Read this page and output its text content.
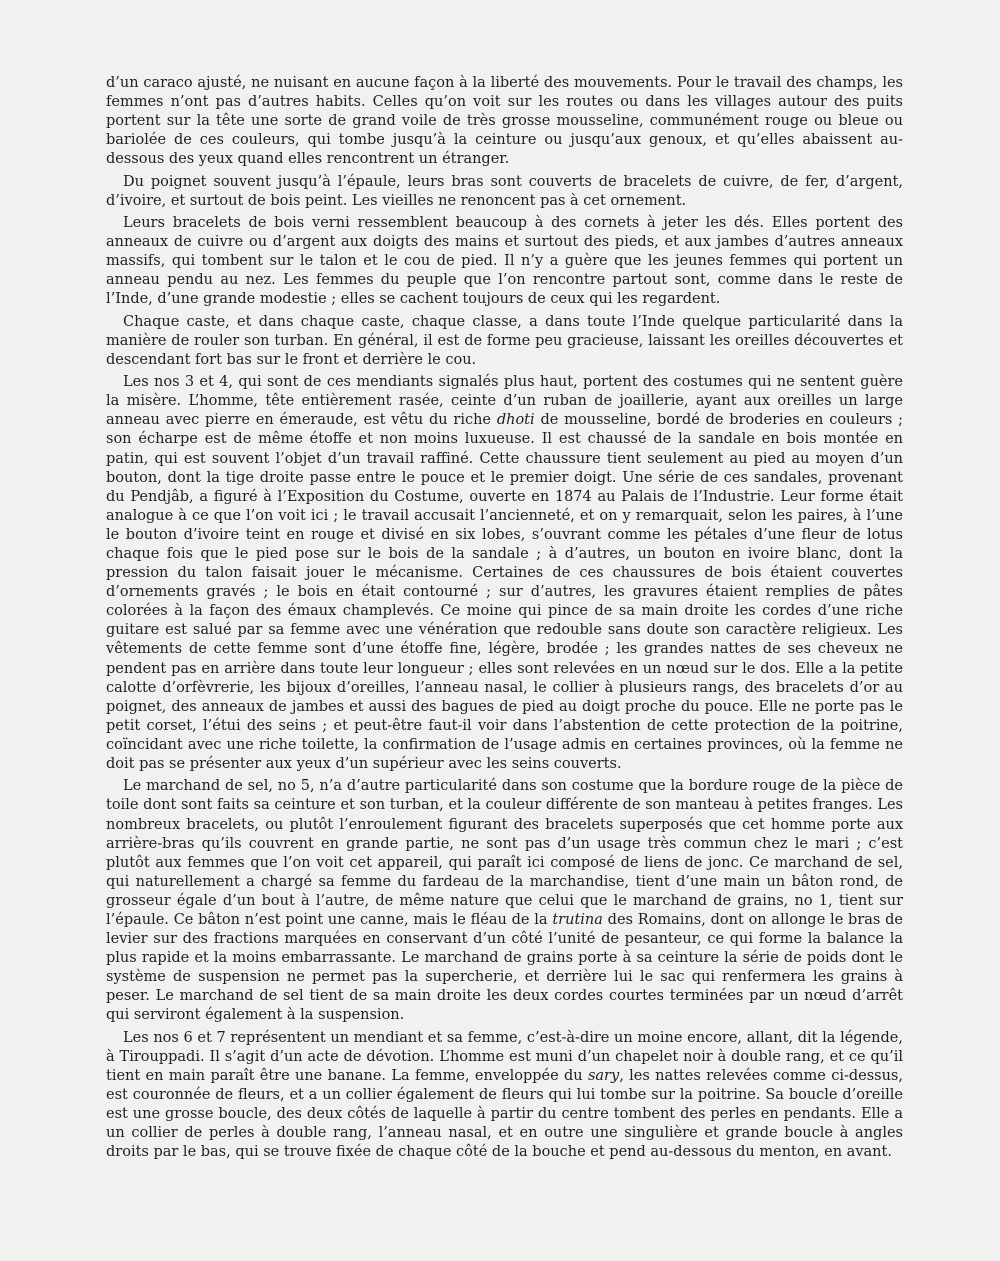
d’un caraco ajusté, ne nuisant en aucune façon à la liberté des mouvements. Pour le travail des champs, les femmes n’ont pas d’autres habits. Celles qu’on voit sur les routes ou dans les villages autour des puits portent sur la tête une sorte de grand voile de très grosse mousseline, communément rouge ou bleue ou bariolée de ces couleurs, qui tombe jusqu’à la ceinture ou jusqu’aux genoux, et qu’elles abaissent au-dessous des yeux quand elles rencontrent un étranger.

Du poignet souvent jusqu’à l’épaule, leurs bras sont couverts de bracelets de cuivre, de fer, d’argent, d’ivoire, et surtout de bois peint. Les vieilles ne renoncent pas à cet ornement.

Leurs bracelets de bois verni ressemblent beaucoup à des cornets à jeter les dés. Elles portent des anneaux de cuivre ou d’argent aux doigts des mains et surtout des pieds, et aux jambes d’autres anneaux massifs, qui tombent sur le talon et le cou de pied. Il n’y a guère que les jeunes femmes qui portent un anneau pendu au nez. Les femmes du peuple que l’on rencontre partout sont, comme dans le reste de l’Inde, d’une grande modestie ; elles se cachent toujours de ceux qui les regardent.

Chaque caste, et dans chaque caste, chaque classe, a dans toute l’Inde quelque particularité dans la manière de rouler son turban. En général, il est de forme peu gracieuse, laissant les oreilles découvertes et descendant fort bas sur le front et derrière le cou.

Les nos 3 et 4, qui sont de ces mendiants signalés plus haut, portent des costumes qui ne sentent guère la misère. L’homme, tête entièrement rasée, ceinte d’un ruban de joaillerie, ayant aux oreilles un large anneau avec pierre en émeraude, est vêtu du riche dhoti de mousseline, bordé de broderies en couleurs ; son écharpe est de même étoffe et non moins luxueuse. Il est chaussé de la sandale en bois montée en patin, qui est souvent l’objet d’un travail raffiné. Cette chaussure tient seulement au pied au moyen d’un bouton, dont la tige droite passe entre le pouce et le premier doigt. Une série de ces sandales, provenant du Pendjâb, a figuré à l’Exposition du Costume, ouverte en 1874 au Palais de l’Industrie. Leur forme était analogue à ce que l’on voit ici ; le travail accusait l’ancienneté, et on y remarquait, selon les paires, à l’une le bouton d’ivoire teint en rouge et divisé en six lobes, s’ouvrant comme les pétales d’une fleur de lotus chaque fois que le pied pose sur le bois de la sandale ; à d’autres, un bouton en ivoire blanc, dont la pression du talon faisait jouer le mécanisme. Certaines de ces chaussures de bois étaient couvertes d’ornements gravés ; le bois en était contourné ; sur d’autres, les gravures étaient remplies de pâtes colorées à la façon des émaux champlevés. Ce moine qui pince de sa main droite les cordes d’une riche guitare est salué par sa femme avec une vénération que redouble sans doute son caractère religieux. Les vêtements de cette femme sont d’une étoffe fine, légère, brodée ; les grandes nattes de ses cheveux ne pendent pas en arrière dans toute leur longueur ; elles sont relevées en un nœud sur le dos. Elle a la petite calotte d’orfèvrerie, les bijoux d’oreilles, l’anneau nasal, le collier à plusieurs rangs, des bracelets d’or au poignet, des anneaux de jambes et aussi des bagues de pied au doigt proche du pouce. Elle ne porte pas le petit corset, l’étui des seins ; et peut-être faut-il voir dans l’abstention de cette protection de la poitrine, coïncidant avec une riche toilette, la confirmation de l’usage admis en certaines provinces, où la femme ne doit pas se présenter aux yeux d’un supérieur avec les seins couverts.

Le marchand de sel, no 5, n’a d’autre particularité dans son costume que la bordure rouge de la pièce de toile dont sont faits sa ceinture et son turban, et la couleur différente de son manteau à petites franges. Les nombreux bracelets, ou plutôt l’enroulement figurant des bracelets superposés que cet homme porte aux arrière-bras qu’ils couvrent en grande partie, ne sont pas d’un usage très commun chez le mari ; c’est plutôt aux femmes que l’on voit cet appareil, qui paraît ici composé de liens de jonc. Ce marchand de sel, qui naturellement a chargé sa femme du fardeau de la marchandise, tient d’une main un bâton rond, de grosseur égale d’un bout à l’autre, de même nature que celui que le marchand de grains, no 1, tient sur l’épaule. Ce bâton n’est point une canne, mais le fléau de la trutina des Romains, dont on allonge le bras de levier sur des fractions marquées en conservant d’un côté l’unité de pesanteur, ce qui forme la balance la plus rapide et la moins embarrassante. Le marchand de grains porte à sa ceinture la série de poids dont le système de suspension ne permet pas la supercherie, et derrière lui le sac qui renfermera les grains à peser. Le marchand de sel tient de sa main droite les deux cordes courtes terminées par un nœud d’arrêt qui serviront également à la suspension.

Les nos 6 et 7 représentent un mendiant et sa femme, c’est-à-dire un moine encore, allant, dit la légende, à Tirouppadi. Il s’agit d’un acte de dévotion. L’homme est muni d’un chapelet noir à double rang, et ce qu’il tient en main paraît être une banane. La femme, enveloppée du sary, les nattes relevées comme ci-dessus, est couronnée de fleurs, et a un collier également de fleurs qui lui tombe sur la poitrine. Sa boucle d’oreille est une grosse boucle, des deux côtés de laquelle à partir du centre tombent des perles en pendants. Elle a un collier de perles à double rang, l’anneau nasal, et en outre une singulière et grande boucle à angles droits par le bas, qui se trouve fixée de chaque côté de la bouche et pend au-dessous du menton, en avant.
